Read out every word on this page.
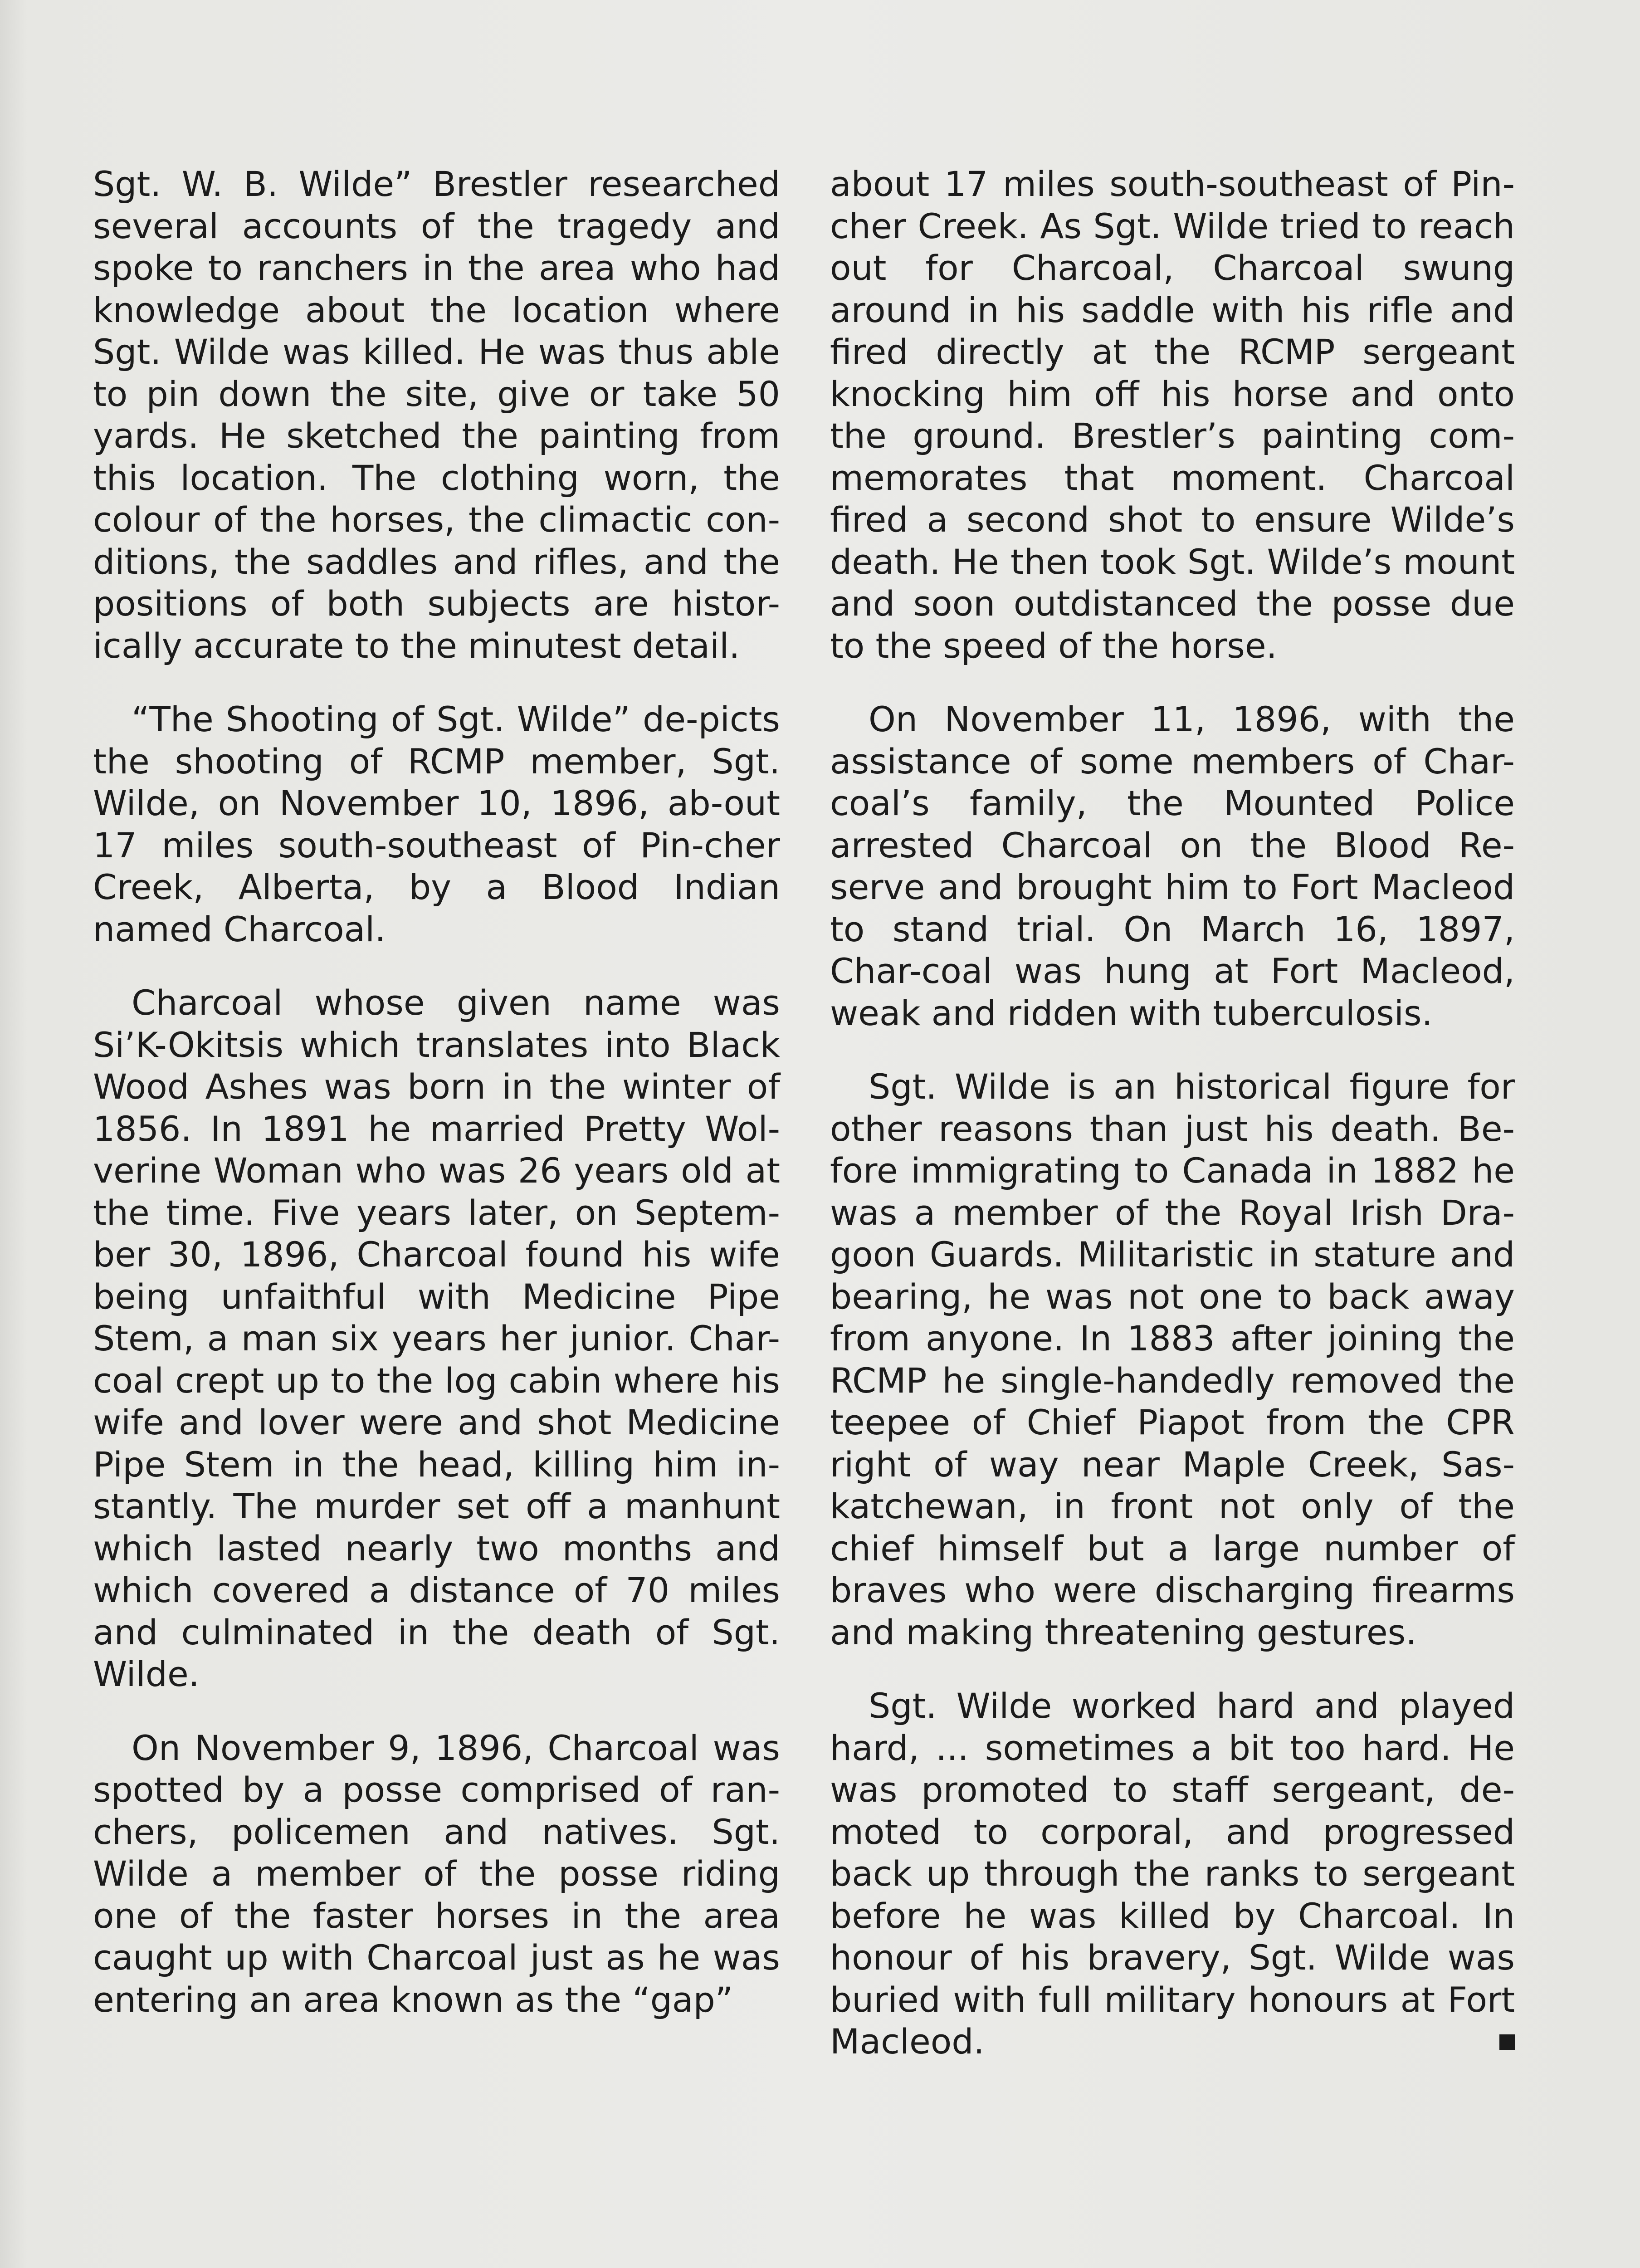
Sgt. W. B. Wilde” Brestler researched several accounts of the tragedy and spoke to ranchers in the area who had knowledge about the location where Sgt. Wilde was killed. He was thus able to pin down the site, give or take 50 yards. He sketched the painting from this location. The clothing worn, the colour of the horses, the climactic con-ditions, the saddles and rifles, and the positions of both subjects are histor-ically accurate to the minutest detail.

“The Shooting of Sgt. Wilde” de-picts the shooting of RCMP member, Sgt. Wilde, on November 10, 1896, ab-out 17 miles south-southeast of Pin-cher Creek, Alberta, by a Blood Indian named Charcoal.

Charcoal whose given name was Si’K-Okitsis which translates into Black Wood Ashes was born in the winter of 1856. In 1891 he married Pretty Wol-verine Woman who was 26 years old at the time. Five years later, on Septem-ber 30, 1896, Charcoal found his wife being unfaithful with Medicine Pipe Stem, a man six years her junior. Char-coal crept up to the log cabin where his wife and lover were and shot Medicine Pipe Stem in the head, killing him in-stantly. The murder set off a manhunt which lasted nearly two months and which covered a distance of 70 miles and culminated in the death of Sgt. Wilde.

On November 9, 1896, Charcoal was spotted by a posse comprised of ran-chers, policemen and natives. Sgt. Wilde a member of the posse riding one of the faster horses in the area caught up with Charcoal just as he was entering an area known as the “gap”

about 17 miles south-southeast of Pin-cher Creek. As Sgt. Wilde tried to reach out for Charcoal, Charcoal swung around in his saddle with his rifle and fired directly at the RCMP sergeant knocking him off his horse and onto the ground. Brestler’s painting com-memorates that moment. Charcoal fired a second shot to ensure Wilde’s death. He then took Sgt. Wilde’s mount and soon outdistanced the posse due to the speed of the horse.

On November 11, 1896, with the assistance of some members of Char-coal’s family, the Mounted Police arrested Charcoal on the Blood Re-serve and brought him to Fort Macleod to stand trial. On March 16, 1897, Char-coal was hung at Fort Macleod, weak and ridden with tuberculosis.

Sgt. Wilde is an historical figure for other reasons than just his death. Be-fore immigrating to Canada in 1882 he was a member of the Royal Irish Dra-goon Guards. Militaristic in stature and bearing, he was not one to back away from anyone. In 1883 after joining the RCMP he single-handedly removed the teepee of Chief Piapot from the CPR right of way near Maple Creek, Sas-katchewan, in front not only of the chief himself but a large number of braves who were discharging firearms and making threatening gestures.

Sgt. Wilde worked hard and played hard, ... sometimes a bit too hard. He was promoted to staff sergeant, de-moted to corporal, and progressed back up through the ranks to sergeant before he was killed by Charcoal. In honour of his bravery, Sgt. Wilde was buried with full military honours at Fort Macleod.
